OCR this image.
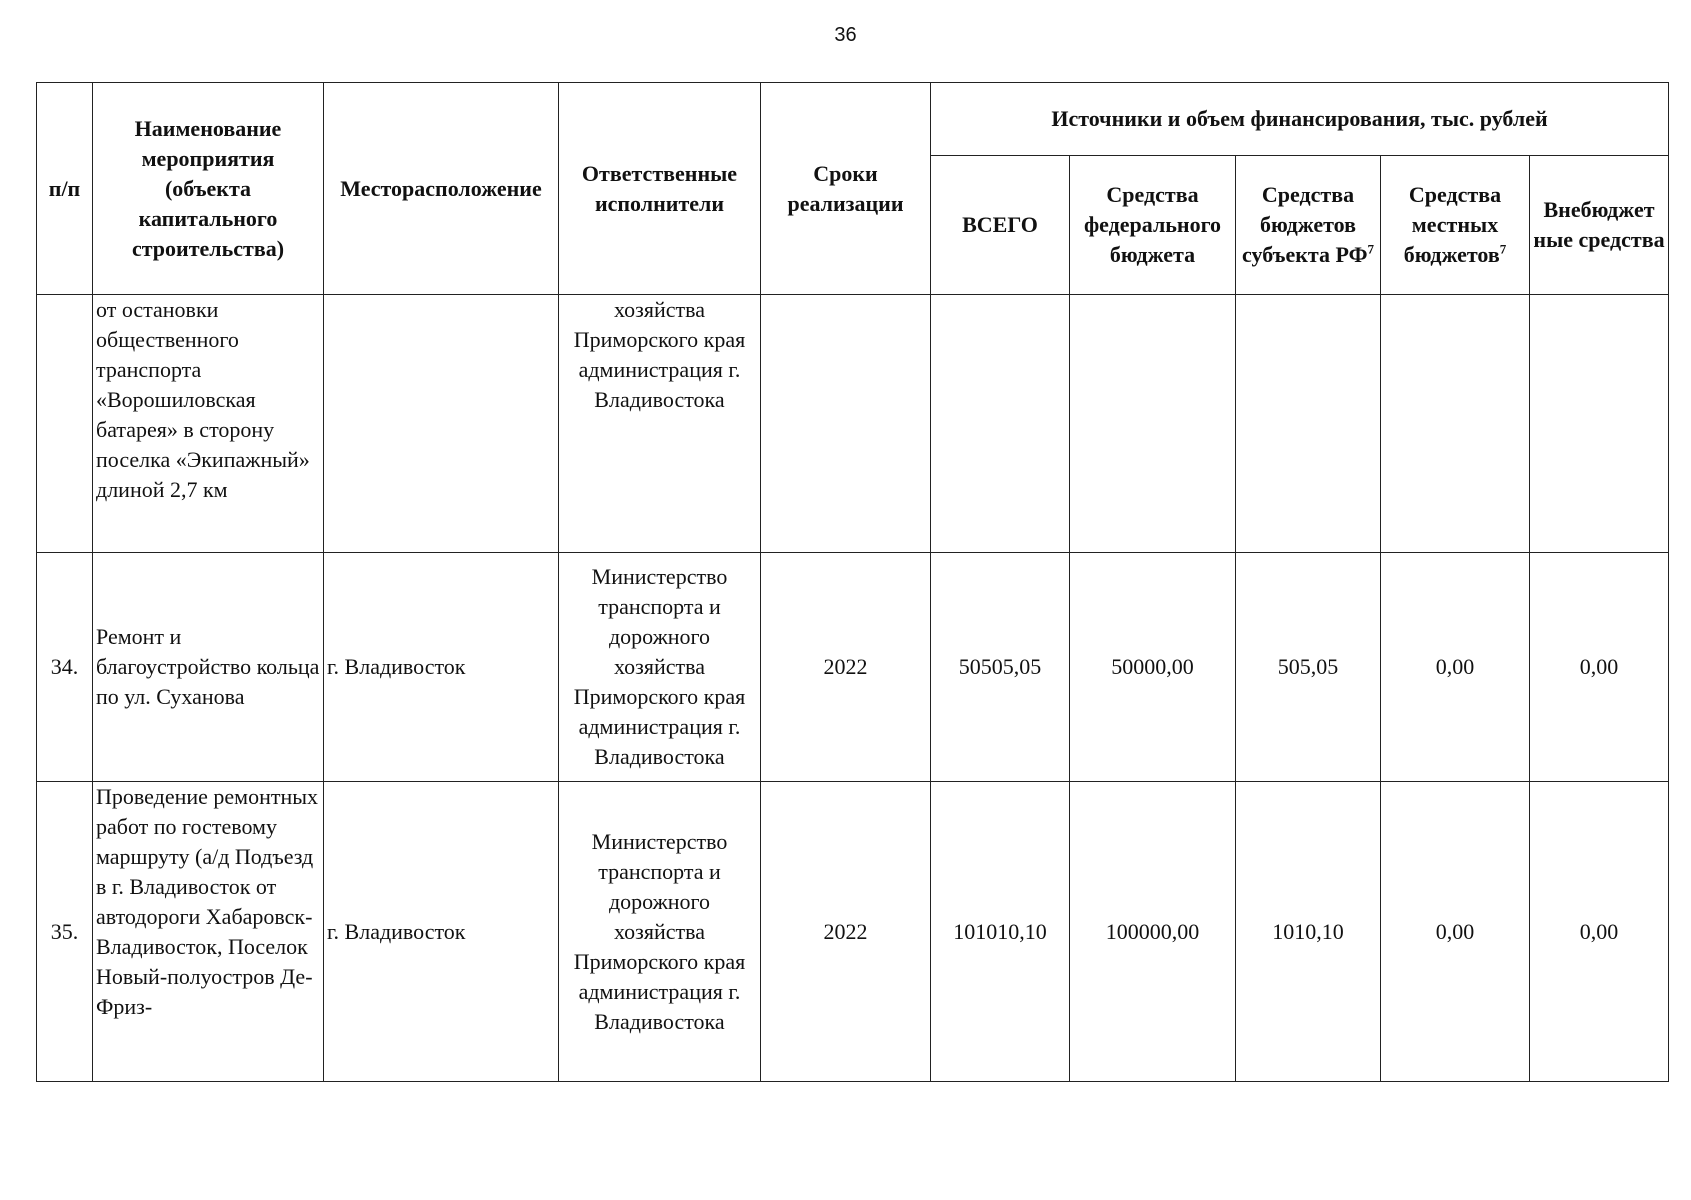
36
п/п	Наименование мероприятия (объекта капитального строительства)	Месторасположение	Ответственные исполнители	Сроки реализации	Источники и объем финансирования, тыс. рублей				
					ВСЕГО	Средства федерального бюджета	Средства бюджетов субъекта $РФ^7$	Средства местных бюджетов$^7$	Внебюджет ные средства
	от остановки общественного транспорта «Ворошиловская батарея» в сторону поселка «Экипажный» длиной 2,7 км		хозяйства Приморского края администрация г. Владивостока						
34.	Ремонт и благоустройство кольца по ул. Суханова	г. Владивосток	Министерство транспорта и дорожного хозяйства Приморского края администрация г. Владивостока	2022	50505,05	50000,00	505,05	0,00	0,00
35.	Проведение ремонтных работ по гостевому маршруту (а/д Подъезд в г. Владивосток от автодороги Хабаровск-Владивосток, Поселок Новый-полуостров Де-Фриз-	г. Владивосток	Министерство транспорта и дорожного хозяйства Приморского края администрация г. Владивостока	2022	101010,10	100000,00	1010,10	0,00	0,00
